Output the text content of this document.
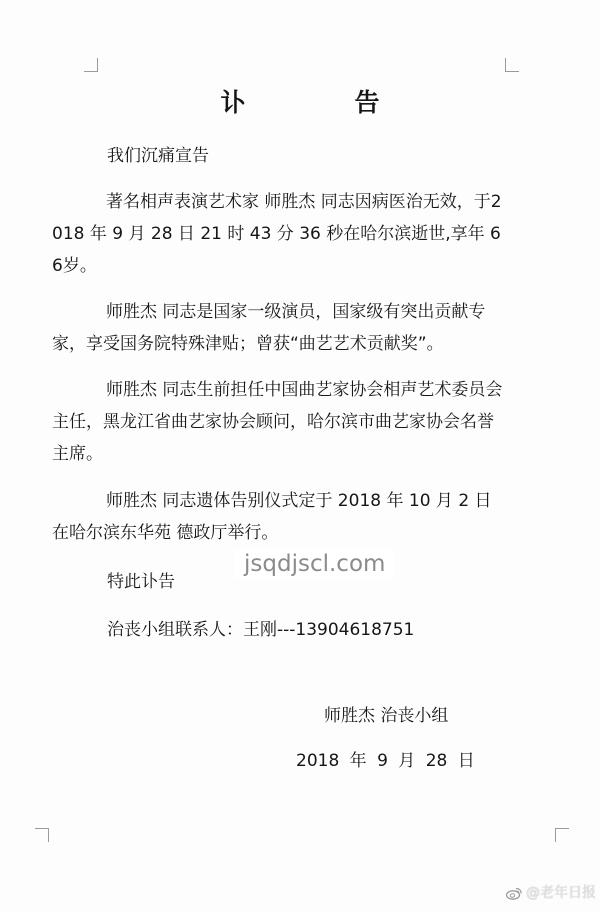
讣　告
我们沉痛宣告
著名相声表演艺术家 师胜杰 同志因病医治无效，于2018 年 9 月 28 日 21 时 43 分 36 秒在哈尔滨逝世,享年 66岁。
师胜杰 同志是国家一级演员，国家级有突出贡献专家，享受国务院特殊津贴；曾获“曲艺艺术贡献奖”。
师胜杰 同志生前担任中国曲艺家协会相声艺术委员会主任，黑龙江省曲艺家协会顾问，哈尔滨市曲艺家协会名誉主席。
师胜杰 同志遗体告别仪式定于 2018 年 10 月 2 日在哈尔滨东华苑 德政厅举行。
特此讣告
治丧小组联系人：王刚---13904618751
师胜杰 治丧小组
2018 年 9 月 28 日
jsqdjscl.com
@老年日报
